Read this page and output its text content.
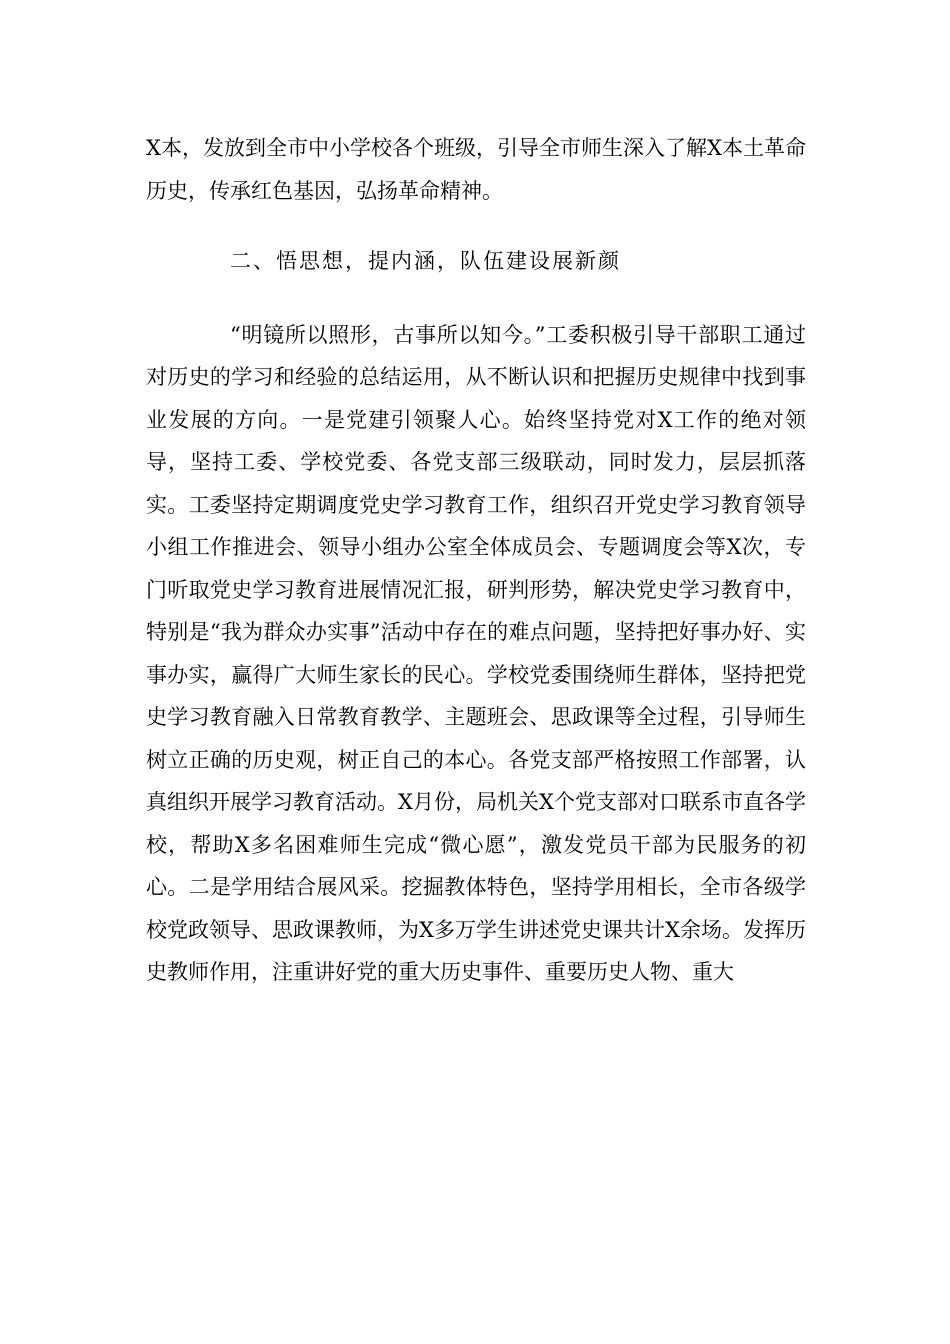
X本，发放到全市中小学校各个班级，引导全市师生深入了解X本土革命历史，传承红色基因，弘扬革命精神。

二、悟思想，提内涵，队伍建设展新颜

“明镜所以照形，古事所以知今。”工委积极引导干部职工通过对历史的学习和经验的总结运用，从不断认识和把握历史规律中找到事业发展的方向。一是党建引领聚人心。始终坚持党对X工作的绝对领导，坚持工委、学校党委、各党支部三级联动，同时发力，层层抓落实。工委坚持定期调度党史学习教育工作，组织召开党史学习教育领导小组工作推进会、领导小组办公室全体成员会、专题调度会等X次，专门听取党史学习教育进展情况汇报，研判形势，解决党史学习教育中，特别是“我为群众办实事”活动中存在的难点问题，坚持把好事办好、实事办实，赢得广大师生家长的民心。学校党委围绕师生群体，坚持把党史学习教育融入日常教育教学、主题班会、思政课等全过程，引导师生树立正确的历史观，树正自己的本心。各党支部严格按照工作部署，认真组织开展学习教育活动。X月份，局机关X个党支部对口联系市直各学校，帮助X多名困难师生完成“微心愿”，激发党员干部为民服务的初心。二是学用结合展风采。挖掘教体特色，坚持学用相长，全市各级学校党政领导、思政课教师，为X多万学生讲述党史课共计X余场。发挥历史教师作用，注重讲好党的重大历史事件、重要历史人物、重大
